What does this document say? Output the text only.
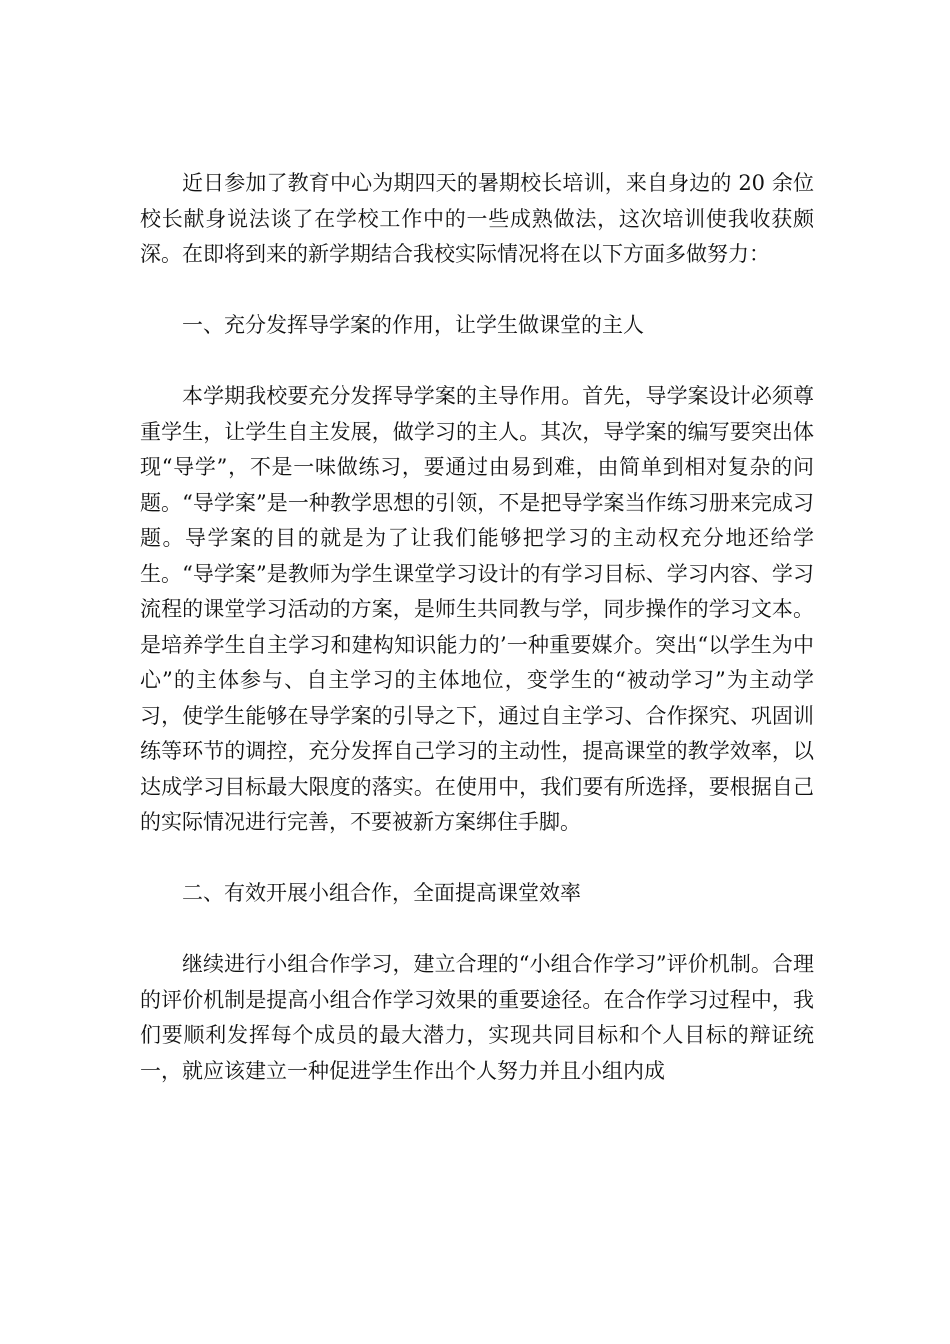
近日参加了教育中心为期四天的暑期校长培训，来自身边的 20 余位校长献身说法谈了在学校工作中的一些成熟做法，这次培训使我收获颇深。在即将到来的新学期结合我校实际情况将在以下方面多做努力：

一、充分发挥导学案的作用，让学生做课堂的主人

本学期我校要充分发挥导学案的主导作用。首先，导学案设计必须尊重学生，让学生自主发展，做学习的主人。其次，导学案的编写要突出体现“导学”，不是一味做练习，要通过由易到难，由简单到相对复杂的问题。“导学案”是一种教学思想的引领，不是把导学案当作练习册来完成习题。导学案的目的就是为了让我们能够把学习的主动权充分地还给学生。“导学案”是教师为学生课堂学习设计的有学习目标、学习内容、学习流程的课堂学习活动的方案，是师生共同教与学，同步操作的学习文本。是培养学生自主学习和建构知识能力的’一种重要媒介。突出“以学生为中心”的主体参与、自主学习的主体地位，变学生的“被动学习”为主动学习，使学生能够在导学案的引导之下，通过自主学习、合作探究、巩固训练等环节的调控，充分发挥自己学习的主动性，提高课堂的教学效率，以达成学习目标最大限度的落实。在使用中，我们要有所选择，要根据自己的实际情况进行完善，不要被新方案绑住手脚。

二、有效开展小组合作，全面提高课堂效率

继续进行小组合作学习，建立合理的“小组合作学习”评价机制。合理的评价机制是提高小组合作学习效果的重要途径。在合作学习过程中，我们要顺利发挥每个成员的最大潜力，实现共同目标和个人目标的辩证统一，就应该建立一种促进学生作出个人努力并且小组内成
